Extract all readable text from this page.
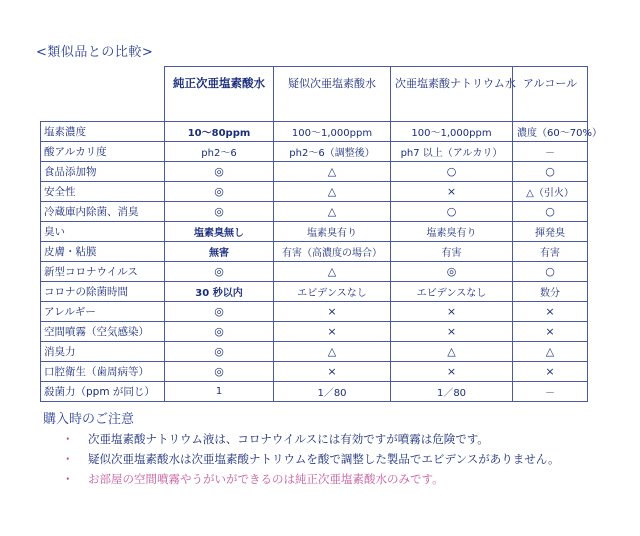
<類似品との比較>
	純正次亜塩素酸水	疑似次亜塩素酸水	次亜塩素酸ナトリウム水	アルコール
塩素濃度	10～80ppm	100～1,000ppm	100～1,000ppm	濃度（60～70%）
酸アルカリ度	ph2～6	ph2～6（調整後）	ph7 以上（アルカリ）	－
食品添加物	◎	△	○	○
安全性	◎	△	×	△（引火）
冷蔵庫内除菌、消臭	◎	△	○	○
臭い	塩素臭無し	塩素臭有り	塩素臭有り	揮発臭
皮膚・粘膜	無害	有害（高濃度の場合）	有害	有害
新型コロナウイルス	◎	△	◎	○
コロナの除菌時間	30 秒以内	エビデンスなし	エビデンスなし	数分
アレルギー	◎	×	×	×
空間噴霧（空気感染）	◎	×	×	×
消臭力	◎	△	△	△
口腔衛生（歯周病等）	◎	×	×	×
殺菌力（ppm が同じ）	1	1／80	1／80	－
購入時のご注意
・ 次亜塩素酸ナトリウム液は、コロナウイルスには有効ですが噴霧は危険です。
・ 疑似次亜塩素酸水は次亜塩素酸ナトリウムを酸で調整した製品でエビデンスがありません。
・ お部屋の空間噴霧やうがいができるのは純正次亜塩素酸水のみです。
